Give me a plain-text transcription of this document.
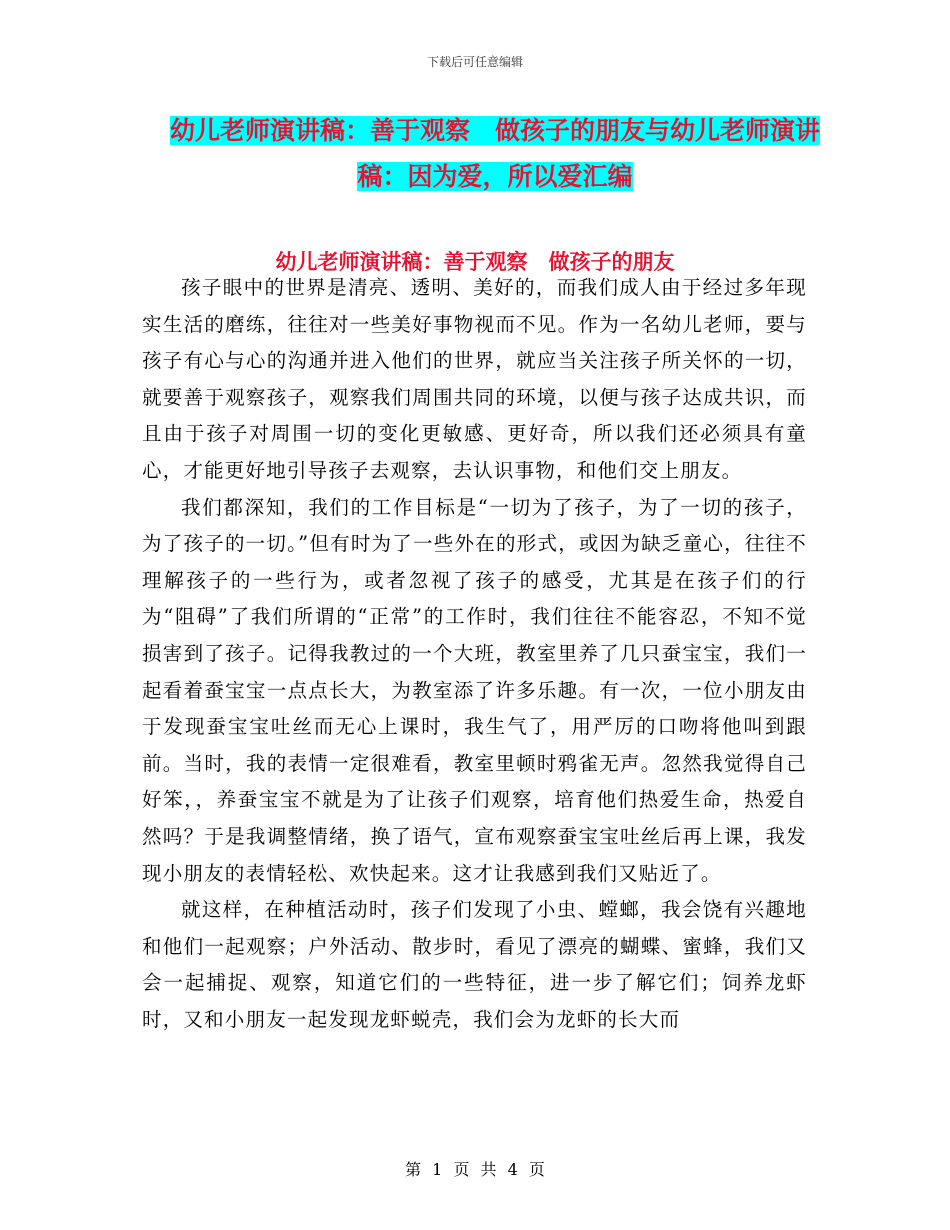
下载后可任意编辑
幼儿老师演讲稿：善于观察　做孩子的朋友与幼儿老师演讲稿：因为爱，所以爱汇编
幼儿老师演讲稿：善于观察　做孩子的朋友

孩子眼中的世界是清亮、透明、美好的，而我们成人由于经过多年现实生活的磨练，往往对一些美好事物视而不见。作为一名幼儿老师，要与孩子有心与心的沟通并进入他们的世界，就应当关注孩子所关怀的一切，就要善于观察孩子，观察我们周围共同的环境，以便与孩子达成共识，而且由于孩子对周围一切的变化更敏感、更好奇，所以我们还必须具有童心，才能更好地引导孩子去观察，去认识事物，和他们交上朋友。

我们都深知，我们的工作目标是“一切为了孩子，为了一切的孩子，为了孩子的一切。”但有时为了一些外在的形式，或因为缺乏童心，往往不理解孩子的一些行为，或者忽视了孩子的感受，尤其是在孩子们的行为“阻碍”了我们所谓的“正常”的工作时，我们往往不能容忍，不知不觉损害到了孩子。记得我教过的一个大班，教室里养了几只蚕宝宝，我们一起看着蚕宝宝一点点长大，为教室添了许多乐趣。有一次，一位小朋友由于发现蚕宝宝吐丝而无心上课时，我生气了，用严厉的口吻将他叫到跟前。当时，我的表情一定很难看，教室里顿时鸦雀无声。忽然我觉得自己好笨，，养蚕宝宝不就是为了让孩子们观察，培育他们热爱生命，热爱自然吗？于是我调整情绪，换了语气，宣布观察蚕宝宝吐丝后再上课，我发现小朋友的表情轻松、欢快起来。这才让我感到我们又贴近了。

就这样，在种植活动时，孩子们发现了小虫、螳螂，我会饶有兴趣地和他们一起观察；户外活动、散步时，看见了漂亮的蝴蝶、蜜蜂，我们又会一起捕捉、观察，知道它们的一些特征，进一步了解它们；饲养龙虾时，又和小朋友一起发现龙虾蜕壳，我们会为龙虾的长大而

第 1 页 共 4 页
